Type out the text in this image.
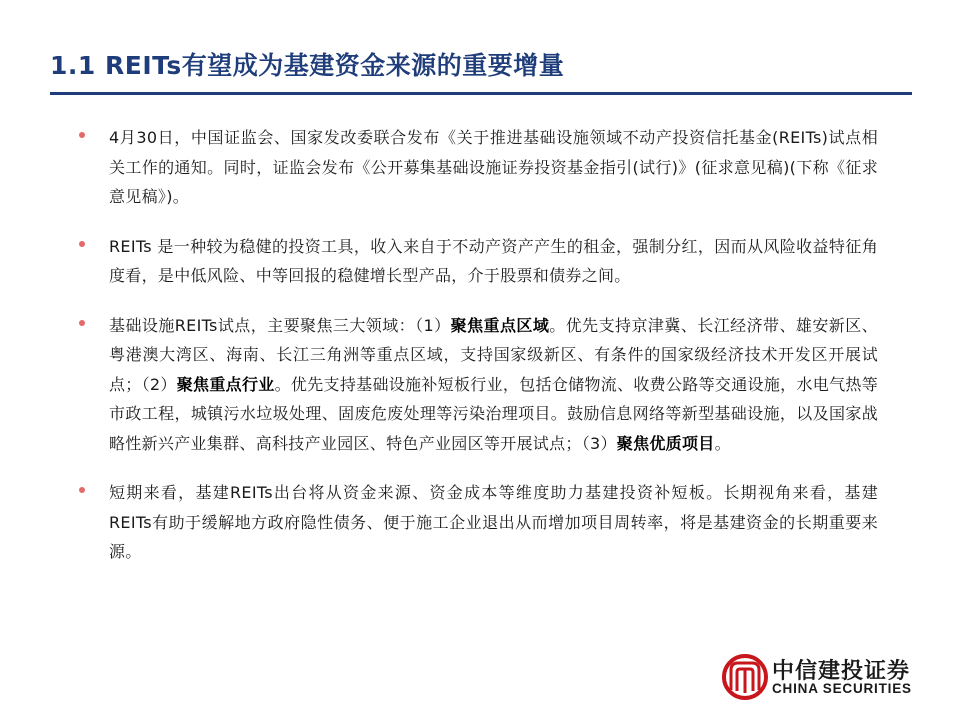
1.1 REITs有望成为基建资金来源的重要增量

4月30日，中国证监会、国家发改委联合发布《关于推进基础设施领域不动产投资信托基金(REITs)试点相关工作的通知。同时，证监会发布《公开募集基础设施证券投资基金指引(试行)》(征求意见稿)(下称《征求意见稿》)。

REITs 是一种较为稳健的投资工具，收入来自于不动产资产产生的租金，强制分红，因而从风险收益特征角度看，是中低风险、中等回报的稳健增长型产品，介于股票和债券之间。

基础设施REITs试点，主要聚焦三大领域：（1）聚焦重点区域。优先支持京津冀、长江经济带、雄安新区、粤港澳大湾区、海南、长江三角洲等重点区域，支持国家级新区、有条件的国家级经济技术开发区开展试点；（2）聚焦重点行业。优先支持基础设施补短板行业，包括仓储物流、收费公路等交通设施，水电气热等市政工程，城镇污水垃圾处理、固废危废处理等污染治理项目。鼓励信息网络等新型基础设施，以及国家战略性新兴产业集群、高科技产业园区、特色产业园区等开展试点；（3）聚焦优质项目。

短期来看，基建REITs出台将从资金来源、资金成本等维度助力基建投资补短板。长期视角来看，基建REITs有助于缓解地方政府隐性债务、便于施工企业退出从而增加项目周转率，将是基建资金的长期重要来源。

中信建投证券
CHINA SECURITIES
